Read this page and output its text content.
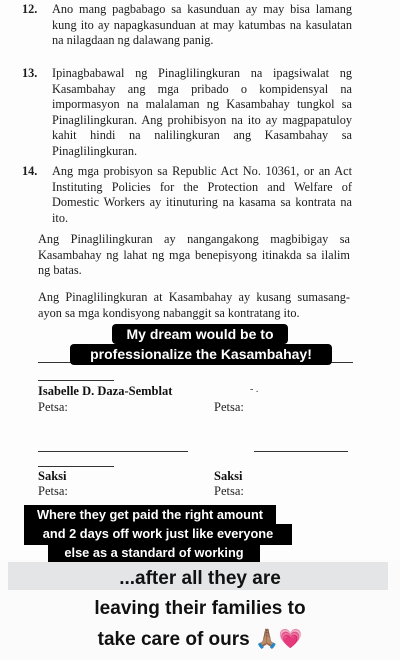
12. Ano mang pagbabago sa kasunduan ay may bisa lamang kung ito ay napagkasunduan at may katumbas na kasulatan na nilagdaan ng dalawang panig.
13. Ipinagbabawal ng Pinaglilingkuran na ipagsiwalat ng Kasambahay ang mga pribado o kompidensyal na impormasyon na malalaman ng Kasambahay tungkol sa Pinaglilingkuran. Ang prohibisyon na ito ay magpapatuloy kahit hindi na nalilingkuran ang Kasambahay sa Pinaglilingkuran.
14. Ang mga probisyon sa Republic Act No. 10361, or an Act Instituting Policies for the Protection and Welfare of Domestic Workers ay itinuturing na kasama sa kontrata na ito.
Ang Pinaglilingkuran ay nangangakong magbibigay sa Kasambahay ng lahat ng mga benepisyong itinakda sa ilalim ng batas.
Ang Pinaglilingkuran at Kasambahay ay kusang sumasang-ayon sa mga kondisyong nabanggit sa kontratang ito.
My dream would be to
professionalize the Kasambahay!
Isabelle D. Daza-Semblat	- .
Petsa:	Petsa:
Saksi	Saksi
Petsa:	Petsa:
Where they get paid the right amount
and 2 days off work just like everyone
else as a standard of working
...after all they are
leaving their families to
take care of ours 🙏🏽💗
